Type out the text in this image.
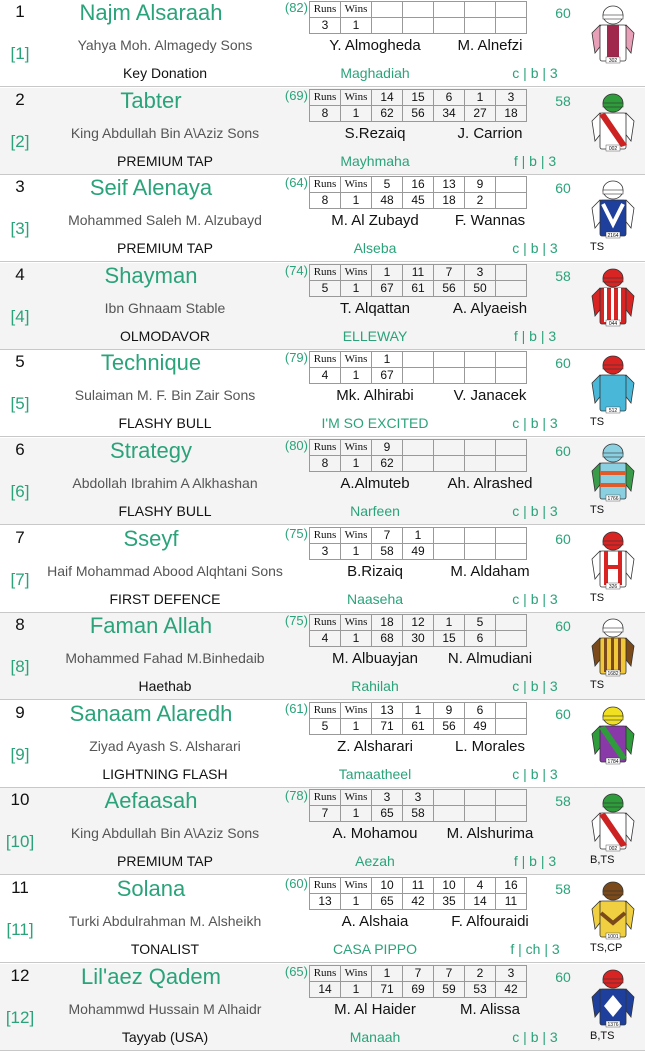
1
[1]
Najm Alsaraah	(82)
Yahya Moh. Almagedy Sons
Key Donation	Maghadiah	c | b | 3
60
Y. Almogheda	M. Alnefzi
Runs	Wins					
3	1					
302
2
[2]
Tabter	(69)
King Abdullah Bin A\Aziz Sons
PREMIUM TAP	Mayhmaha	f | b | 3
58
S.Rezaiq	J. Carrion
Runs	Wins	14	15	6	1	3
8	1	62	56	34	27	18
002
3
[3]
Seif Alenaya	(64)
Mohammed Saleh M. Alzubayd
PREMIUM TAP	Alseba	c | b | 3
60
M. Al Zubayd	F. Wannas
Runs	Wins	5	16	13	9	
8	1	48	45	18	2	
2164
TS
4
[4]
Shayman	(74)
Ibn Ghnaam Stable
OLMODAVOR	ELLEWAY	f | b | 3
58
T. Alqattan	A. Alyaeish
Runs	Wins	1	11	7	3	
5	1	67	61	56	50	
044
5
[5]
Technique	(79)
Sulaiman M. F. Bin Zair Sons
FLASHY BULL	I'M SO EXCITED	c | b | 3
60
Mk. Alhirabi	V. Janacek
Runs	Wins	1				
4	1	67				
512
TS
6
[6]
Strategy	(80)
Abdollah Ibrahim A Alkhashan
FLASHY BULL	Narfeen	c | b | 3
60
A.Almuteb	Ah. Alrashed
Runs	Wins	9				
8	1	62				
1766
TS
7
[7]
Sseyf	(75)
Haif Mohammad Abood Alqhtani Sons
FIRST DEFENCE	Naaseha	c | b | 3
60
B.Rizaiq	M. Aldaham
Runs	Wins	7	1			
3	1	58	49			
326
TS
8
[8]
Faman Allah	(75)
Mohammed Fahad M.Binhedaib
Haethab	Rahilah	c | b | 3
60
M. Albuayjan	N. Almudiani
Runs	Wins	18	12	1	5	
4	1	68	30	15	6	
1682
TS
9
[9]
Sanaam Alaredh	(61)
Ziyad Ayash S. Alsharari
LIGHTNING FLASH	Tamaatheel	c | b | 3
60
Z. Alsharari	L. Morales
Runs	Wins	13	1	9	6	
5	1	71	61	56	49	
1784
10
[10]
Aefaasah	(78)
King Abdullah Bin A\Aziz Sons
PREMIUM TAP	Aezah	f | b | 3
58
A. Mohamou	M. Alshurima
Runs	Wins	3	3			
7	1	65	58			
002
B,TS
11
[11]
Solana	(60)
Turki Abdulrahman M. Alsheikh
TONALIST	CASA PIPPO	f | ch | 3
58
A. Alshaia	F. Alfouraidi
Runs	Wins	10	11	10	4	16
13	1	65	42	35	14	11
1001
TS,CP
12
[12]
Lil'aez Qadem	(65)
Mohammwd Hussain M Alhaidr
Tayyab (USA)	Manaah	c | b | 3
60
M. Al Haider	M. Alissa
Runs	Wins	1	7	7	2	3
14	1	71	69	59	53	42
1376
B,TS
